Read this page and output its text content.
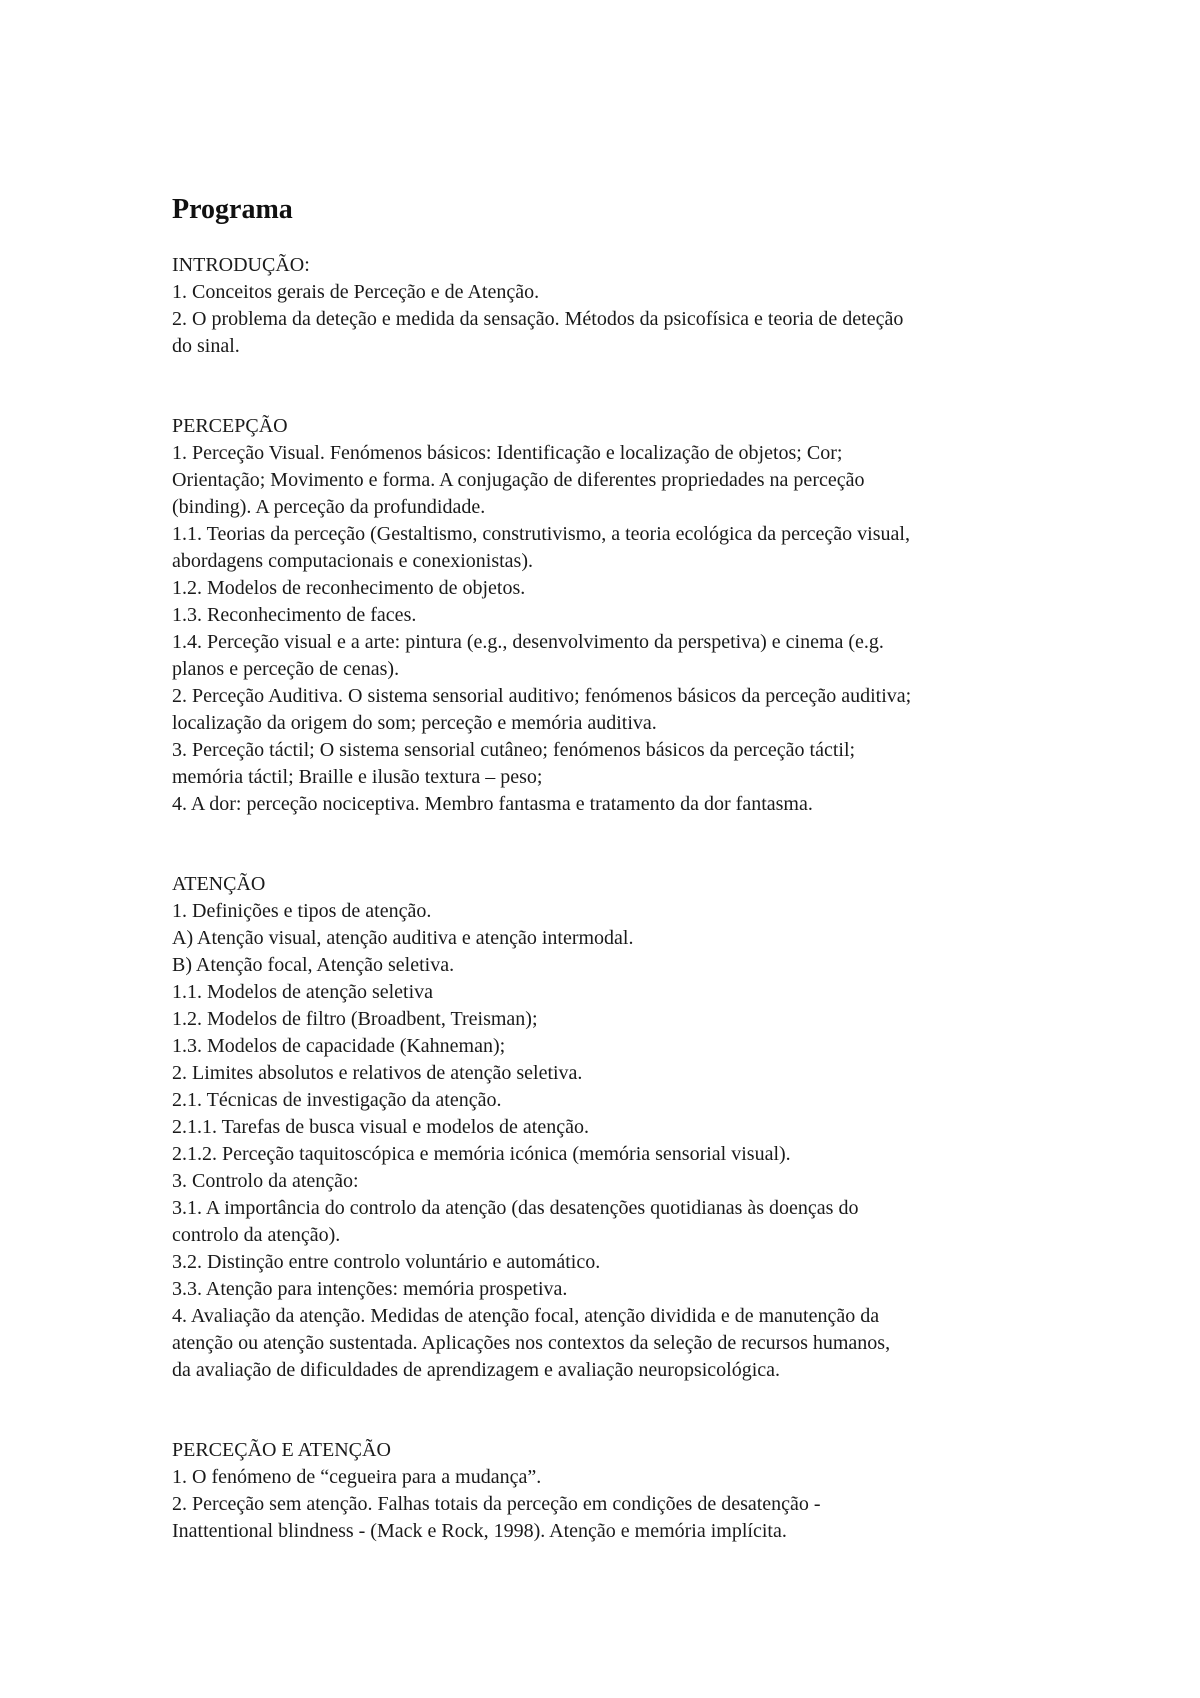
Programa
INTRODUÇÃO:
1. Conceitos gerais de Perceção e de Atenção.
2. O problema da deteção e medida da sensação. Métodos da psicofísica e teoria de deteção
do sinal.
PERCEPÇÃO
1. Perceção Visual. Fenómenos básicos: Identificação e localização de objetos; Cor;
Orientação; Movimento e forma. A conjugação de diferentes propriedades na perceção
(binding). A perceção da profundidade.
1.1. Teorias da perceção (Gestaltismo, construtivismo, a teoria ecológica da perceção visual,
abordagens computacionais e conexionistas).
1.2. Modelos de reconhecimento de objetos.
1.3. Reconhecimento de faces.
1.4. Perceção visual e a arte: pintura (e.g., desenvolvimento da perspetiva) e cinema (e.g.
planos e perceção de cenas).
2. Perceção Auditiva. O sistema sensorial auditivo; fenómenos básicos da perceção auditiva;
localização da origem do som; perceção e memória auditiva.
3. Perceção táctil; O sistema sensorial cutâneo; fenómenos básicos da perceção táctil;
memória táctil; Braille e ilusão textura – peso;
4. A dor: perceção nociceptiva. Membro fantasma e tratamento da dor fantasma.
ATENÇÃO
1. Definições e tipos de atenção.
A) Atenção visual, atenção auditiva e atenção intermodal.
B) Atenção focal, Atenção seletiva.
1.1. Modelos de atenção seletiva
1.2. Modelos de filtro (Broadbent, Treisman);
1.3. Modelos de capacidade (Kahneman);
2. Limites absolutos e relativos de atenção seletiva.
2.1. Técnicas de investigação da atenção.
2.1.1. Tarefas de busca visual e modelos de atenção.
2.1.2. Perceção taquitoscópica e memória icónica (memória sensorial visual).
3. Controlo da atenção:
3.1. A importância do controlo da atenção (das desatenções quotidianas às doenças do
controlo da atenção).
3.2. Distinção entre controlo voluntário e automático.
3.3. Atenção para intenções: memória prospetiva.
4. Avaliação da atenção. Medidas de atenção focal, atenção dividida e de manutenção da
atenção ou atenção sustentada. Aplicações nos contextos da seleção de recursos humanos,
da avaliação de dificuldades de aprendizagem e avaliação neuropsicológica.
PERCEÇÃO E ATENÇÃO
1. O fenómeno de “cegueira para a mudança”.
2. Perceção sem atenção. Falhas totais da perceção em condições de desatenção -
Inattentional blindness - (Mack e Rock, 1998). Atenção e memória implícita.
